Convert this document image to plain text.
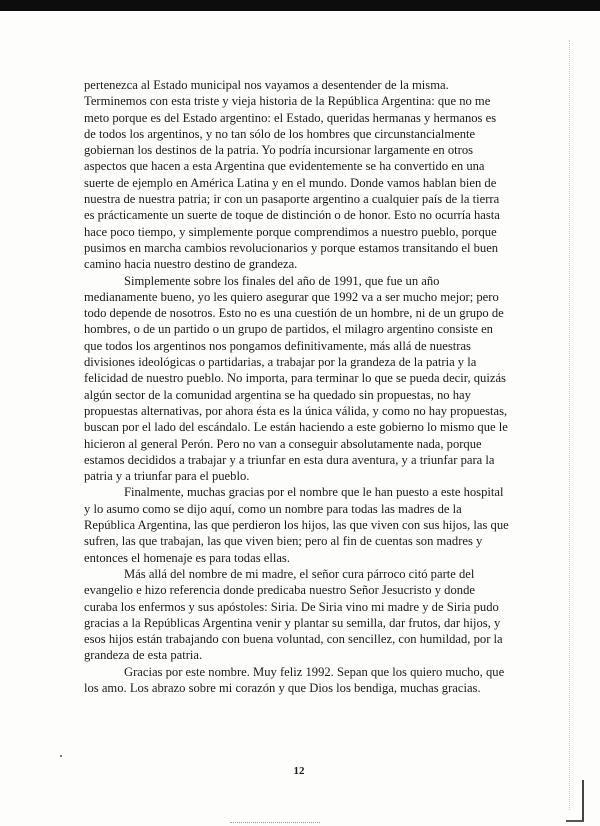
pertenezca al Estado municipal nos vayamos a desentender de la misma. Terminemos con esta triste y vieja historia de la República Argentina: que no me meto porque es del Estado argentino: el Estado, queridas hermanas y hermanos es de todos los argentinos, y no tan sólo de los hombres que circunstancialmente gobiernan los destinos de la patria. Yo podría incursionar largamente en otros aspectos que hacen a esta Argentina que evidentemente se ha convertido en una suerte de ejemplo en América Latina y en el mundo. Donde vamos hablan bien de nuestra de nuestra patria; ir con un pasaporte argentino a cualquier país de la tierra es prácticamente un suerte de toque de distinción o de honor. Esto no ocurría hasta hace poco tiempo, y simplemente porque comprendimos a nuestro pueblo, porque pusimos en marcha cambios revolucionarios y porque estamos transitando el buen camino hacia nuestro destino de grandeza.

Simplemente sobre los finales del año de 1991, que fue un año medianamente bueno, yo les quiero asegurar que 1992 va a ser mucho mejor; pero todo depende de nosotros. Esto no es una cuestión de un hombre, ni de un grupo de hombres, o de un partido o un grupo de partidos, el milagro argentino consiste en que todos los argentinos nos pongamos definitivamente, más allá de nuestras divisiones ideológicas o partidarias, a trabajar por la grandeza de la patria y la felicidad de nuestro pueblo. No importa, para terminar lo que se pueda decir, quizás algún sector de la comunidad argentina se ha quedado sin propuestas, no hay propuestas alternativas, por ahora ésta es la única válida, y como no hay propuestas, buscan por el lado del escándalo. Le están haciendo a este gobierno lo mismo que le hicieron al general Perón. Pero no van a conseguir absolutamente nada, porque estamos decididos a trabajar y a triunfar en esta dura aventura, y a triunfar para la patria y a triunfar para el pueblo.

Finalmente, muchas gracias por el nombre que le han puesto a este hospital y lo asumo como se dijo aquí, como un nombre para todas las madres de la República Argentina, las que perdieron los hijos, las que viven con sus hijos, las que sufren, las que trabajan, las que viven bien; pero al fin de cuentas son madres y entonces el homenaje es para todas ellas.

Más allá del nombre de mi madre, el señor cura párroco citó parte del evangelio e hizo referencia donde predicaba nuestro Señor Jesucristo y donde curaba los enfermos y sus apóstoles: Siria. De Siria vino mi madre y de Siria pudo gracias a la Repúblicas Argentina venir y plantar su semilla, dar frutos, dar hijos, y esos hijos están trabajando con buena voluntad, con sencillez, con humildad, por la grandeza de esta patria.

Gracias por este nombre. Muy feliz 1992. Sepan que los quiero mucho, que los amo. Los abrazo sobre mi corazón y que Dios los bendiga, muchas gracias.

12
